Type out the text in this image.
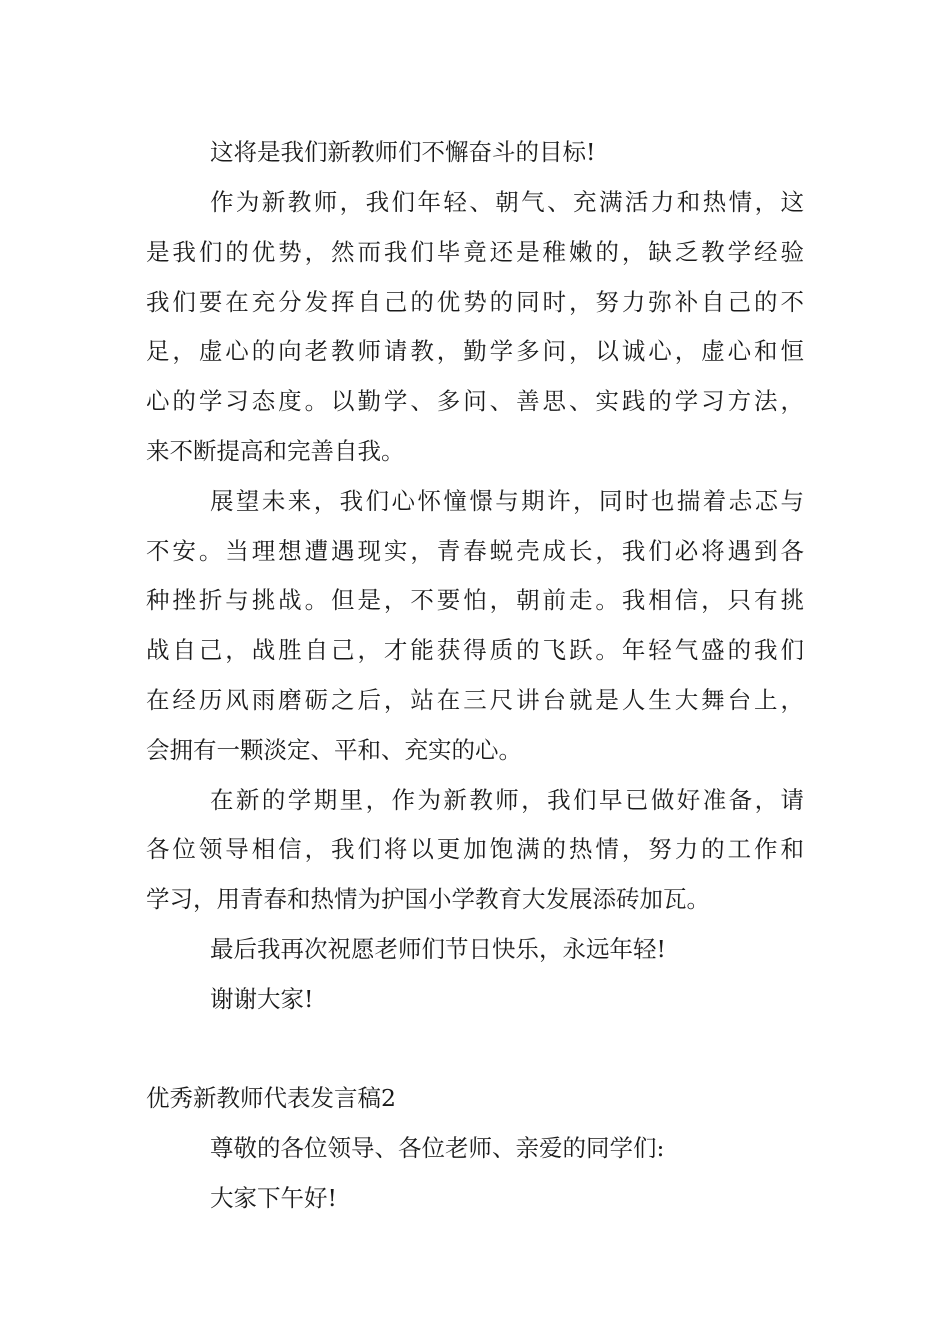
这将是我们新教师们不懈奋斗的目标!
作为新教师，我们年轻、朝气、充满活力和热情，这
是我们的优势，然而我们毕竟还是稚嫩的，缺乏教学经验
我们要在充分发挥自己的优势的同时，努力弥补自己的不
足，虚心的向老教师请教，勤学多问，以诚心，虚心和恒
心的学习态度。以勤学、多问、善思、实践的学习方法，
来不断提高和完善自我。
展望未来，我们心怀憧憬与期许，同时也揣着忐忑与
不安。当理想遭遇现实，青春蜕壳成长，我们必将遇到各
种挫折与挑战。但是，不要怕，朝前走。我相信，只有挑
战自己，战胜自己，才能获得质的飞跃。年轻气盛的我们
在经历风雨磨砺之后，站在三尺讲台就是人生大舞台上，
会拥有一颗淡定、平和、充实的心。
在新的学期里，作为新教师，我们早已做好准备，请
各位领导相信，我们将以更加饱满的热情，努力的工作和
学习，用青春和热情为护国小学教育大发展添砖加瓦。
最后我再次祝愿老师们节日快乐，永远年轻!
谢谢大家!
优秀新教师代表发言稿2
尊敬的各位领导、各位老师、亲爱的同学们:
大家下午好!
